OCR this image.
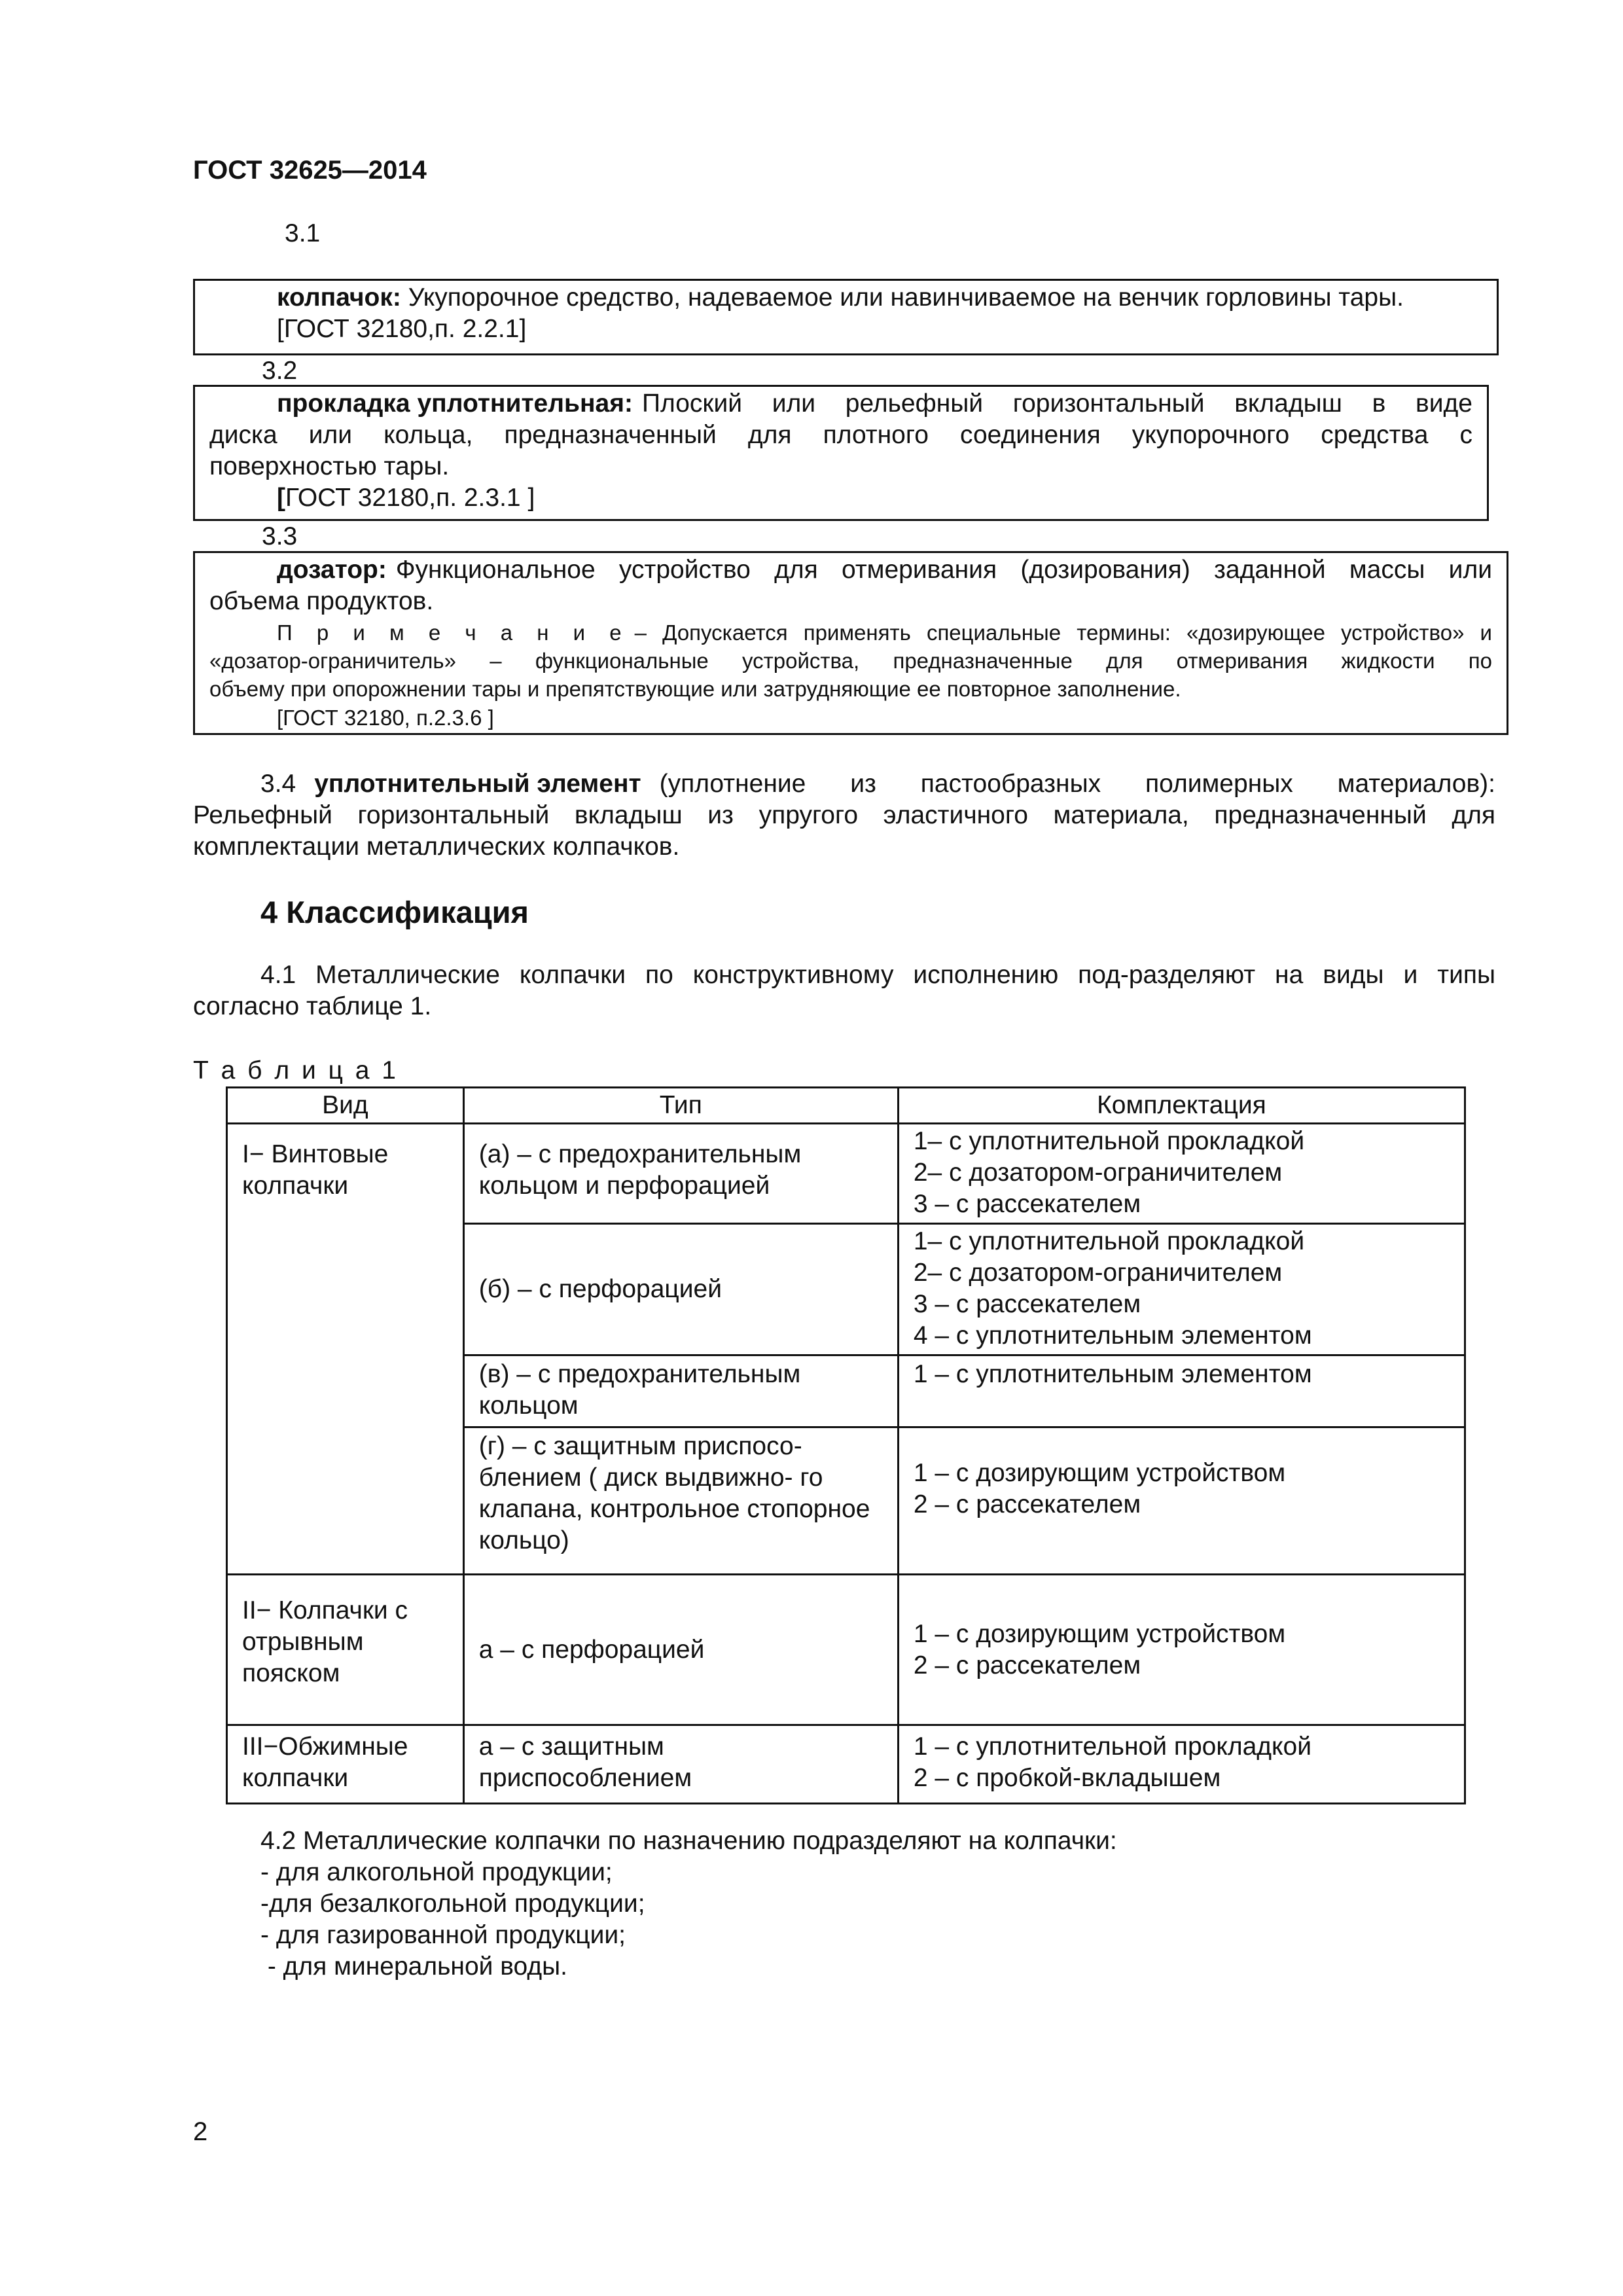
ГОСТ 32625—2014
3.1
колпачок: Укупорочное средство, надеваемое или навинчиваемое на венчик горловины тары.
[ГОСТ 32180,п. 2.2.1]
3.2
прокладка уплотнительная: Плоский или рельефный горизонтальный вкладыш в виде
диска или кольца, предназначенный для плотного соединения укупорочного средства с
поверхностью тары.
[ГОСТ 32180,п. 2.3.1 ]
3.3
дозатор: Функциональное устройство для отмеривания (дозирования) заданной массы или
объема продуктов.
П р и м е ч а н и е – Допускается применять специальные термины: «дозирующее устройство» и
«дозатор-ограничитель» – функциональные устройства, предназначенные для отмеривания жидкости по
объему при опорожнении тары и препятствующие или затрудняющие ее повторное заполнение.
[ГОСТ 32180, п.2.3.6 ]
3.4 уплотнительный элемент (уплотнение из пастообразных полимерных материалов):
Рельефный горизонтальный вкладыш из упругого эластичного материала, предназначенный для
комплектации металлических колпачков.
4 Классификация
4.1 Металлические колпачки по конструктивному исполнению под-разделяют на виды и типы
согласно таблице 1.
Т а б л и ц а 1
Вид	Тип	Комплектация
I− Винтовые колпачки	(а) – с предохранительным кольцом и перфорацией	1– с уплотнительной прокладкой
2– с дозатором-ограничителем
3 – с рассекателем

	(б) – с перфорацией	1– с уплотнительной прокладкой
2– с дозатором-ограничителем
3 – с рассекателем
4 – с уплотнительным элементом

	(в) – с предохранительным кольцом	1 – с уплотнительным элементом

	(г) – с защитным приспосо-блением ( диск выдвижно- го клапана, контрольное стопорное кольцо)	1 – с дозирующим устройством
2 – с рассекателем

II− Колпачки с отрывным пояском	а – с перфорацией	1 – с дозирующим устройством
2 – с рассекателем

III−Обжимные колпачки	а – с защитным приспособлением	1 – с уплотнительной прокладкой
2 – с пробкой-вкладышем
4.2 Металлические колпачки по назначению подразделяют на колпачки:
- для алкогольной продукции;
-для безалкогольной продукции;
- для газированной продукции;
- для минеральной воды.
2
